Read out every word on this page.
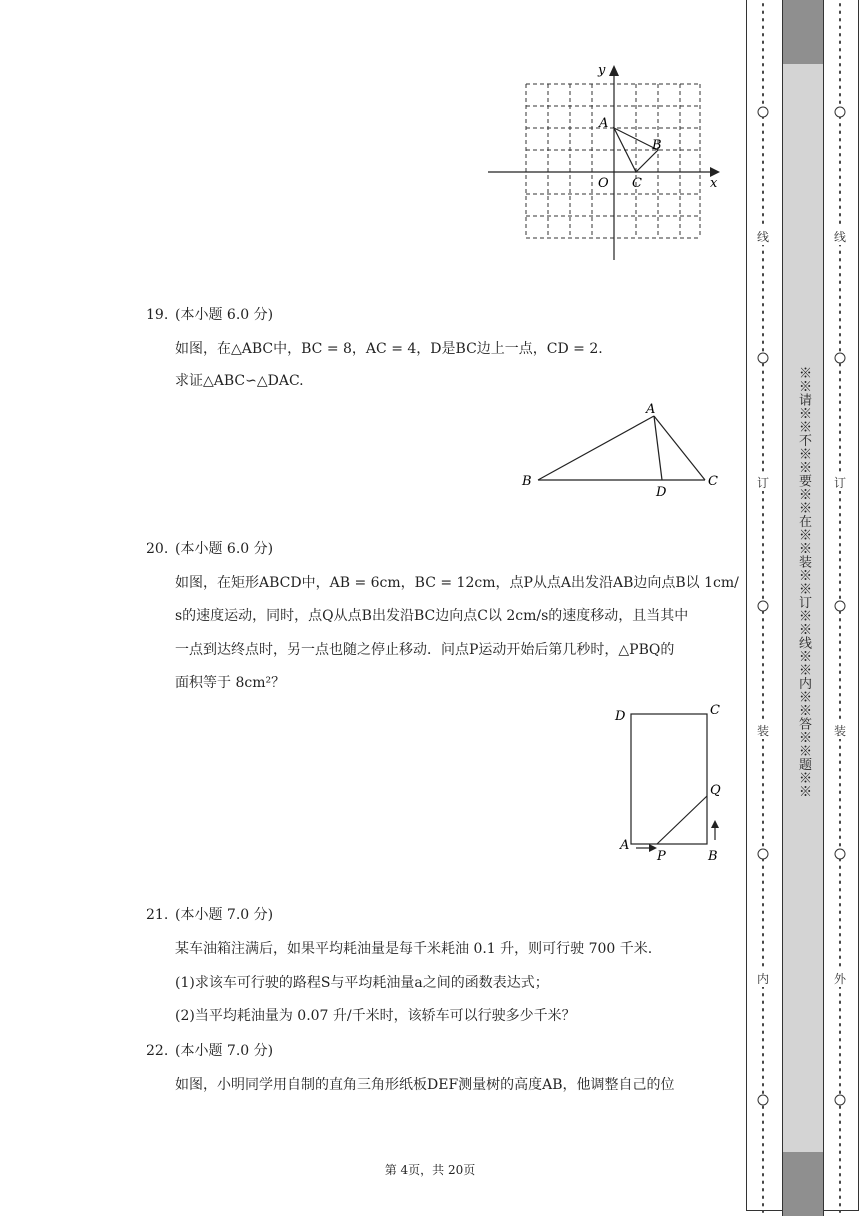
y
x
O
A
B
C
19. (本小题 6.0 分)
如图，在△ABC中，BC = 8，AC = 4，D是BC边上一点，CD = 2.
求证△ABC∽△DAC.
A
B	C
D
20. (本小题 6.0 分)
如图，在矩形ABCD中，AB = 6cm，BC = 12cm，点P从点A出发沿AB边向点B以 1cm/
s的速度运动，同时，点Q从点B出发沿BC边向点C以 2cm/s的速度移动，且当其中
一点到达终点时，另一点也随之停止移动．问点P运动开始后第几秒时，△PBQ的
面积等于 8cm²？
D	C
Q
A
P	B
21. (本小题 7.0 分)
某车油箱注满后，如果平均耗油量是每千米耗油 0.1 升，则可行驶 700 千米.
(1)求该车可行驶的路程S与平均耗油量a之间的函数表达式；
(2)当平均耗油量为 0.07 升/千米时，该轿车可以行驶多少千米？
22. (本小题 7.0 分)
如图，小明同学用自制的直角三角形纸板DEF测量树的高度AB，他调整自己的位
第 4页，共 20页
线
订
装
内
※※请※※不※※要※※在※※装※※订※※线※※内※※答※※题※※
线
订
装
外
